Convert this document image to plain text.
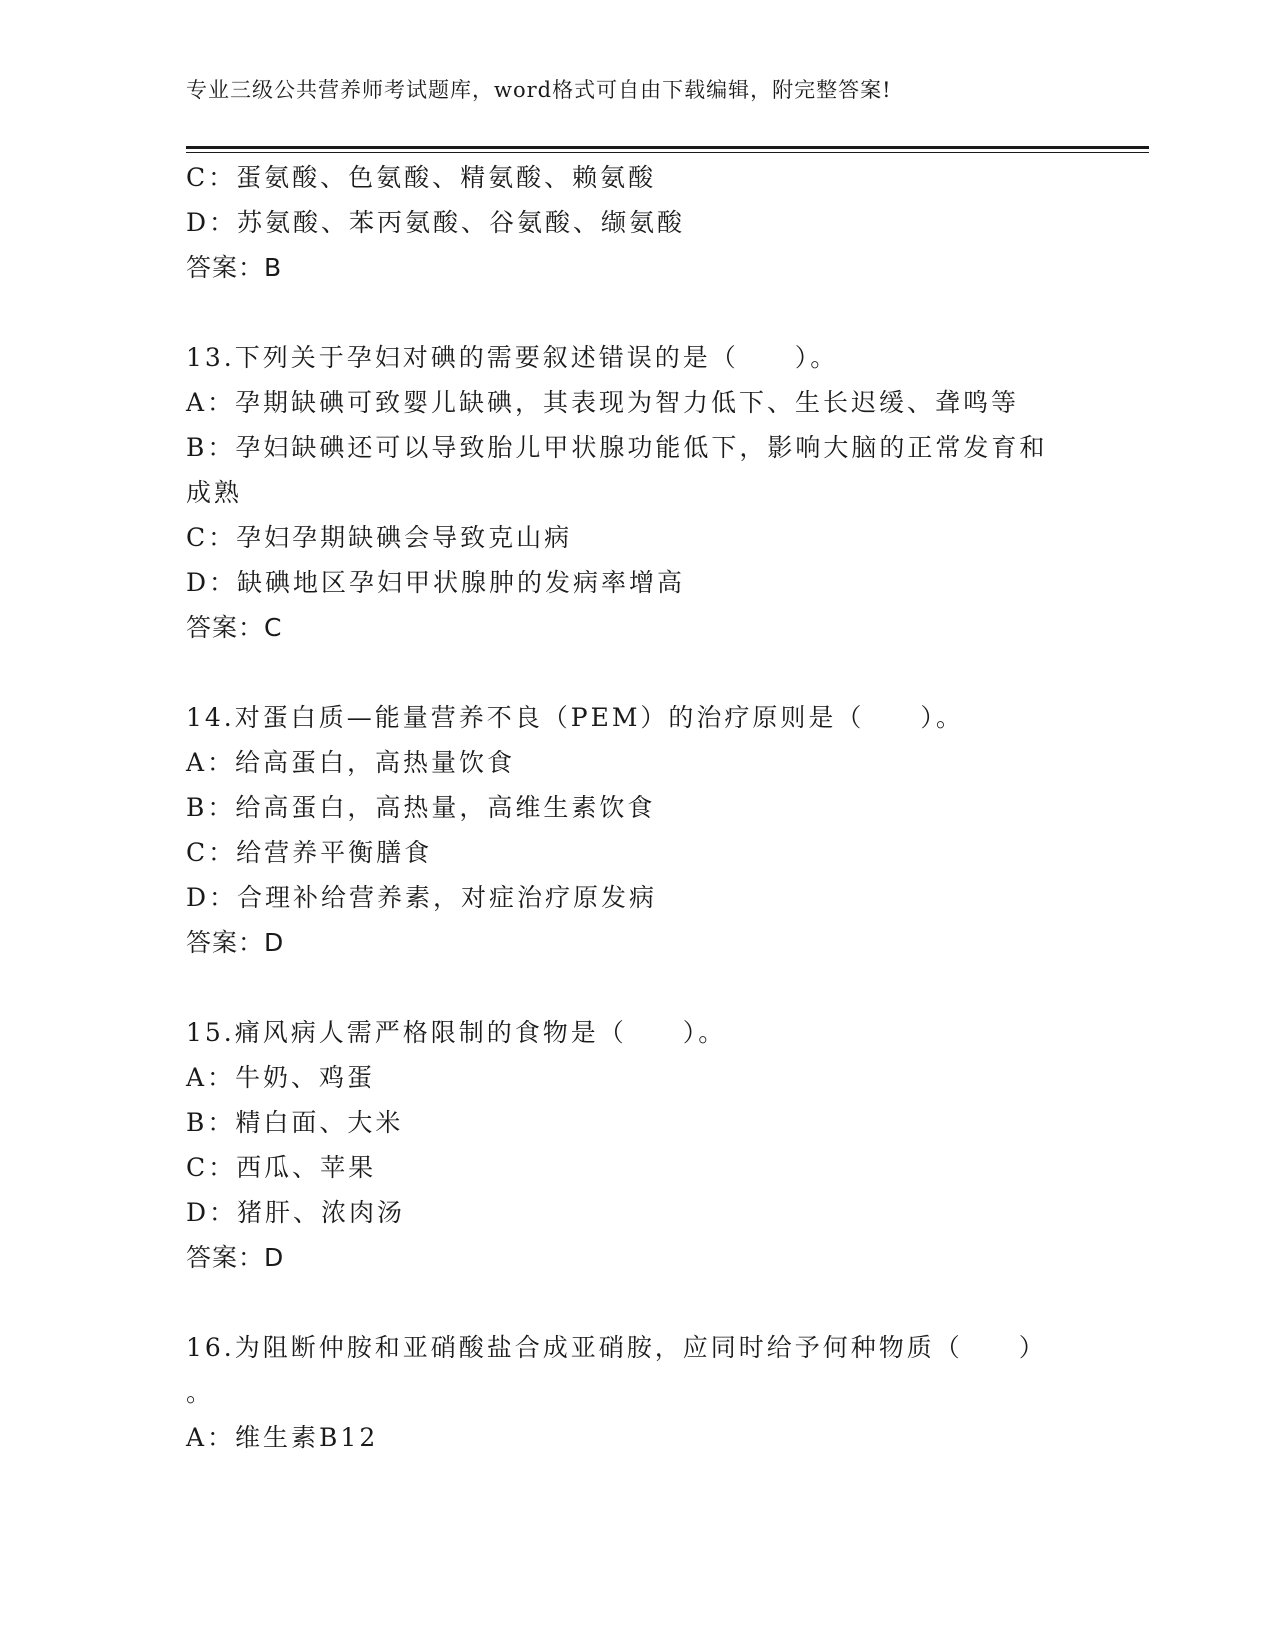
专业三级公共营养师考试题库，word格式可自由下载编辑，附完整答案!
C：蛋氨酸、色氨酸、精氨酸、赖氨酸
D：苏氨酸、苯丙氨酸、谷氨酸、缬氨酸
答案：B
13.下列关于孕妇对碘的需要叙述错误的是（　　）。
A：孕期缺碘可致婴儿缺碘，其表现为智力低下、生长迟缓、聋鸣等
B：孕妇缺碘还可以导致胎儿甲状腺功能低下，影响大脑的正常发育和
成熟
C：孕妇孕期缺碘会导致克山病
D：缺碘地区孕妇甲状腺肿的发病率增高
答案：C
14.对蛋白质—能量营养不良（PEM）的治疗原则是（　　）。
A：给高蛋白，高热量饮食
B：给高蛋白，高热量，高维生素饮食
C：给营养平衡膳食
D：合理补给营养素，对症治疗原发病
答案：D
15.痛风病人需严格限制的食物是（　　）。
A：牛奶、鸡蛋
B：精白面、大米
C：西瓜、苹果
D：猪肝、浓肉汤
答案：D
16.为阻断仲胺和亚硝酸盐合成亚硝胺，应同时给予何种物质（　　）
。
A：维生素B12
